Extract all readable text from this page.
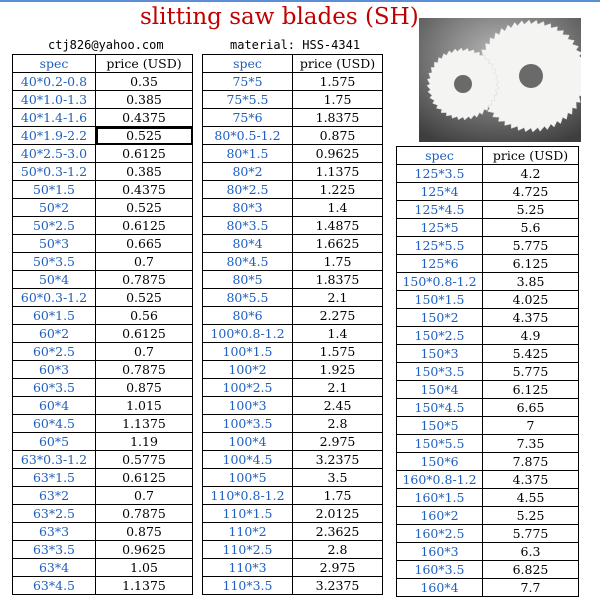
slitting saw blades (SH)
ctj826@yahoo.com	material: HSS-4341
spec	price (USD)
40*0.2-0.8	0.35
40*1.0-1.3	0.385
40*1.4-1.6	0.4375
40*1.9-2.2	0.525
40*2.5-3.0	0.6125
50*0.3-1.2	0.385
50*1.5	0.4375
50*2	0.525
50*2.5	0.6125
50*3	0.665
50*3.5	0.7
50*4	0.7875
60*0.3-1.2	0.525
60*1.5	0.56
60*2	0.6125
60*2.5	0.7
60*3	0.7875
60*3.5	0.875
60*4	1.015
60*4.5	1.1375
60*5	1.19
63*0.3-1.2	0.5775
63*1.5	0.6125
63*2	0.7
63*2.5	0.7875
63*3	0.875
63*3.5	0.9625
63*4	1.05
63*4.5	1.1375
spec	price (USD)
75*5	1.575
75*5.5	1.75
75*6	1.8375
80*0.5-1.2	0.875
80*1.5	0.9625
80*2	1.1375
80*2.5	1.225
80*3	1.4
80*3.5	1.4875
80*4	1.6625
80*4.5	1.75
80*5	1.8375
80*5.5	2.1
80*6	2.275
100*0.8-1.2	1.4
100*1.5	1.575
100*2	1.925
100*2.5	2.1
100*3	2.45
100*3.5	2.8
100*4	2.975
100*4.5	3.2375
100*5	3.5
110*0.8-1.2	1.75
110*1.5	2.0125
110*2	2.3625
110*2.5	2.8
110*3	2.975
110*3.5	3.2375
spec	price (USD)
125*3.5	4.2
125*4	4.725
125*4.5	5.25
125*5	5.6
125*5.5	5.775
125*6	6.125
150*0.8-1.2	3.85
150*1.5	4.025
150*2	4.375
150*2.5	4.9
150*3	5.425
150*3.5	5.775
150*4	6.125
150*4.5	6.65
150*5	7
150*5.5	7.35
150*6	7.875
160*0.8-1.2	4.375
160*1.5	4.55
160*2	5.25
160*2.5	5.775
160*3	6.3
160*3.5	6.825
160*4	7.7
